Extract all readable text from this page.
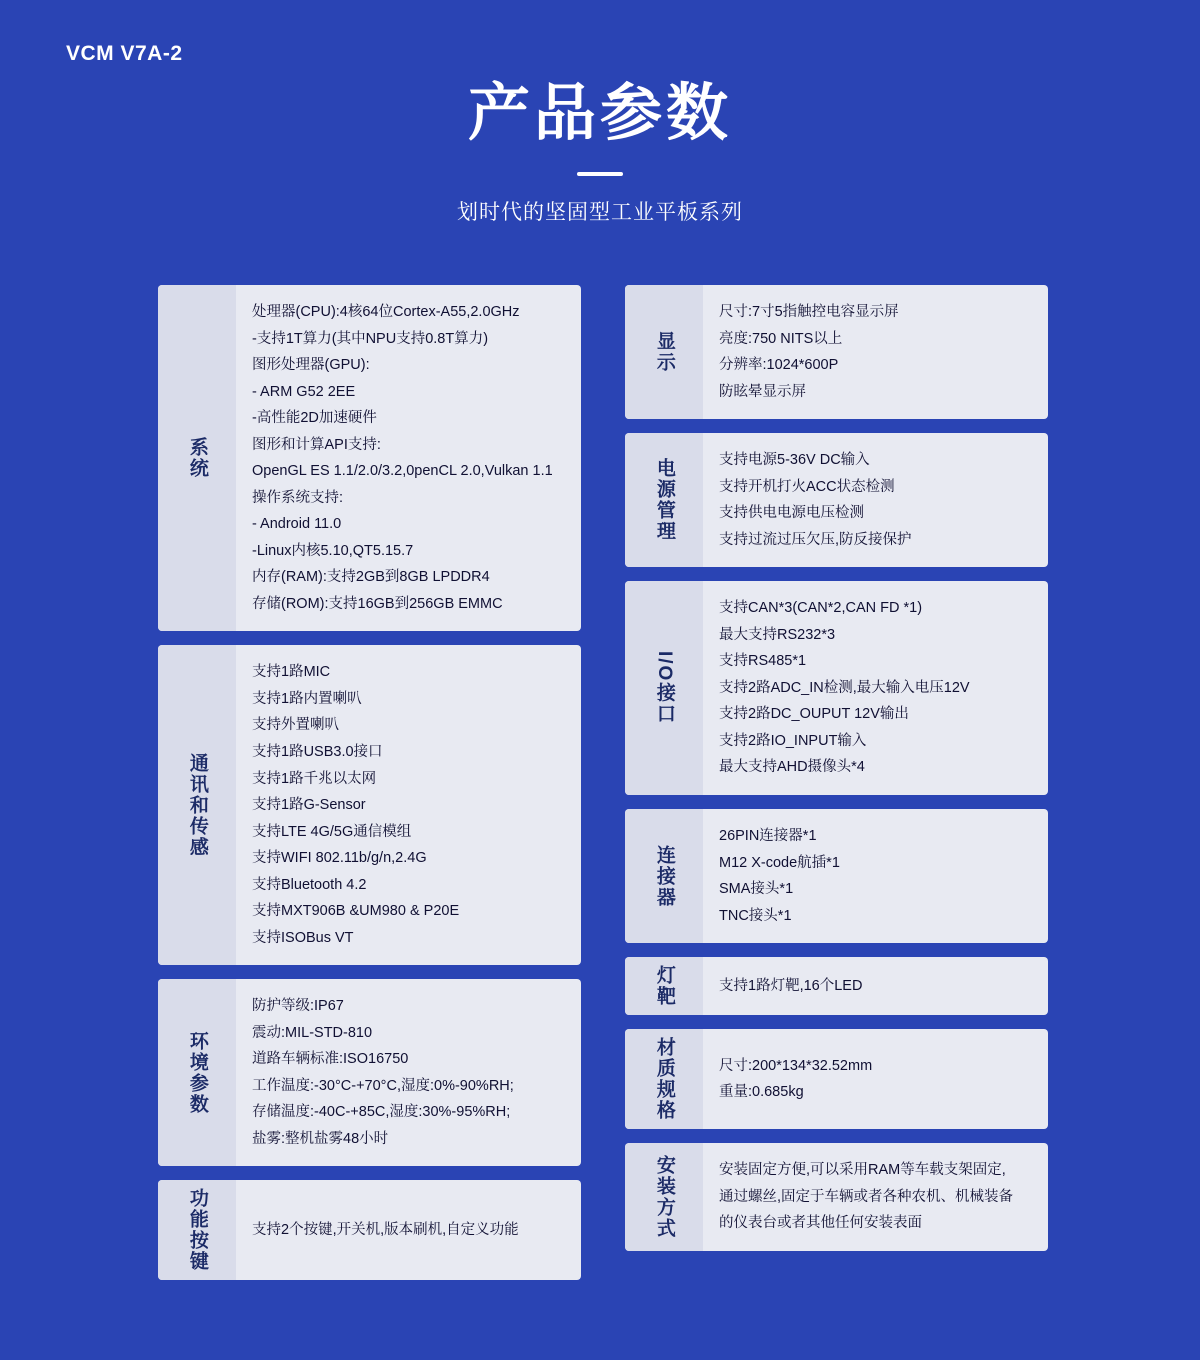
VCM V7A-2
产品参数
划时代的坚固型工业平板系列
系统
处理器(CPU):4核64位Cortex-A55,2.0GHz
-支持1T算力(其中NPU支持0.8T算力)
图形处理器(GPU):
- ARM G52 2EE
-高性能2D加速硬件
图形和计算API支持:
OpenGL ES 1.1/2.0/3.2,0penCL 2.0,Vulkan 1.1
操作系统支持:
- Android 11.0
-Linux内核5.10,QT5.15.7
内存(RAM):支持2GB到8GB LPDDR4
存储(ROM):支持16GB到256GB EMMC
通讯和传感
支持1路MIC
支持1路内置喇叭
支持外置喇叭
支持1路USB3.0接口
支持1路千兆以太网
支持1路G-Sensor
支持LTE 4G/5G通信模组
支持WIFI 802.11b/g/n,2.4G
支持Bluetooth 4.2
支持MXT906B &UM980 & P20E
支持ISOBus VT
环境参数
防护等级:IP67
震动:MIL-STD-810
道路车辆标准:ISO16750
工作温度:-30°C-+70°C,湿度:0%-90%RH;
存储温度:-40C-+85C,湿度:30%-95%RH;
盐雾:整机盐雾48小时
功能按键	支持2个按键,开关机,版本刷机,自定义功能
显示
尺寸:7寸5指触控电容显示屏
亮度:750 NITS以上
分辨率:1024*600P
防眩晕显示屏
电源管理	支持电源5-36V DC输入
支持开机打火ACC状态检测
支持供电电源电压检测
支持过流过压欠压,防反接保护
I/O接口
支持CAN*3(CAN*2,CAN FD *1)
最大支持RS232*3
支持RS485*1
支持2路ADC_IN检测,最大输入电压12V
支持2路DC_OUPUT 12V输出
支持2路IO_INPUT输入
最大支持AHD摄像头*4
连接器
26PIN连接器*1
M12 X-code航插*1
SMA接头*1
TNC接头*1
灯靶	支持1路灯靶,16个LED
材质规格	尺寸:200*134*32.52mm
重量:0.685kg
安装方式	安装固定方便,可以采用RAM等车载支架固定,
通过螺丝,固定于车辆或者各种农机、机械装备
的仪表台或者其他任何安装表面
